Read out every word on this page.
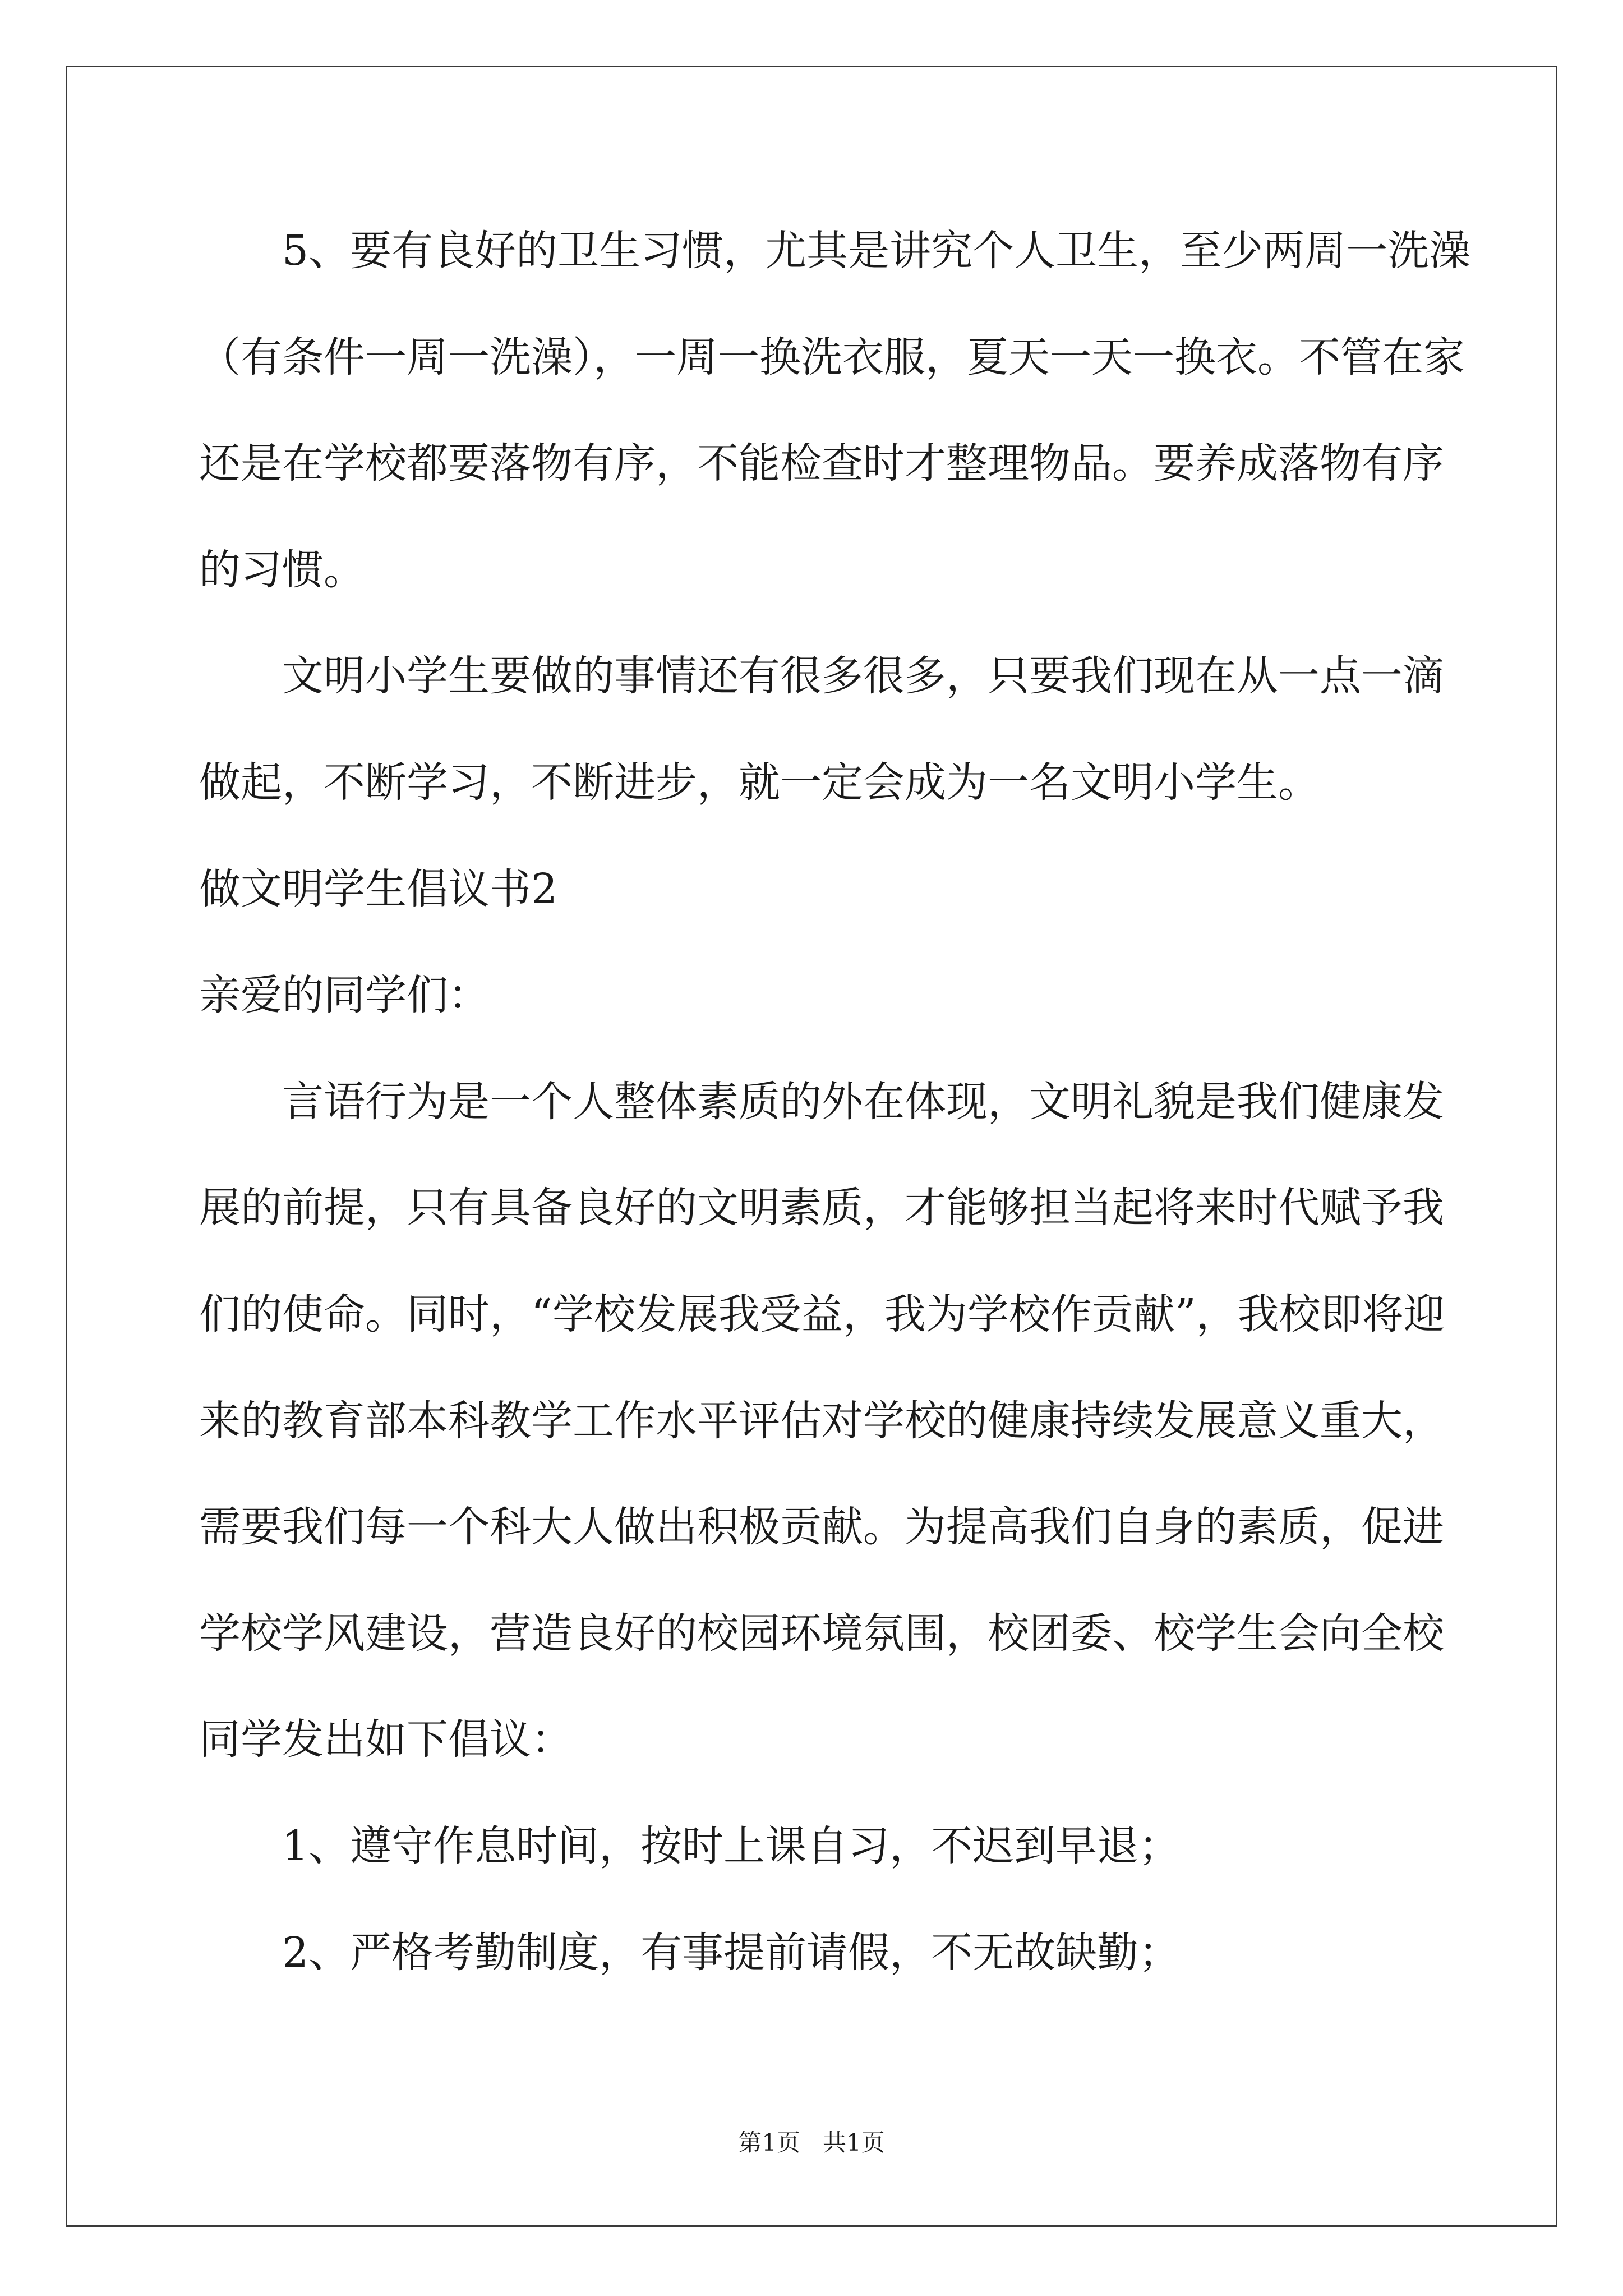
5、要有良好的卫生习惯，尤其是讲究个人卫生，至少两周一洗澡
（有条件一周一洗澡），一周一换洗衣服，夏天一天一换衣。不管在家
还是在学校都要落物有序，不能检查时才整理物品。要养成落物有序
的习惯。
文明小学生要做的事情还有很多很多，只要我们现在从一点一滴
做起，不断学习，不断进步，就一定会成为一名文明小学生。
做文明学生倡议书2
亲爱的同学们：
言语行为是一个人整体素质的外在体现，文明礼貌是我们健康发
展的前提，只有具备良好的文明素质，才能够担当起将来时代赋予我
们的使命。同时，“学校发展我受益，我为学校作贡献”，我校即将迎
来的教育部本科教学工作水平评估对学校的健康持续发展意义重大，
需要我们每一个科大人做出积极贡献。为提高我们自身的素质，促进
学校学风建设，营造良好的校园环境氛围，校团委、校学生会向全校
同学发出如下倡议：
1、遵守作息时间，按时上课自习，不迟到早退；
2、严格考勤制度，有事提前请假，不无故缺勤；
第1页   共1页
